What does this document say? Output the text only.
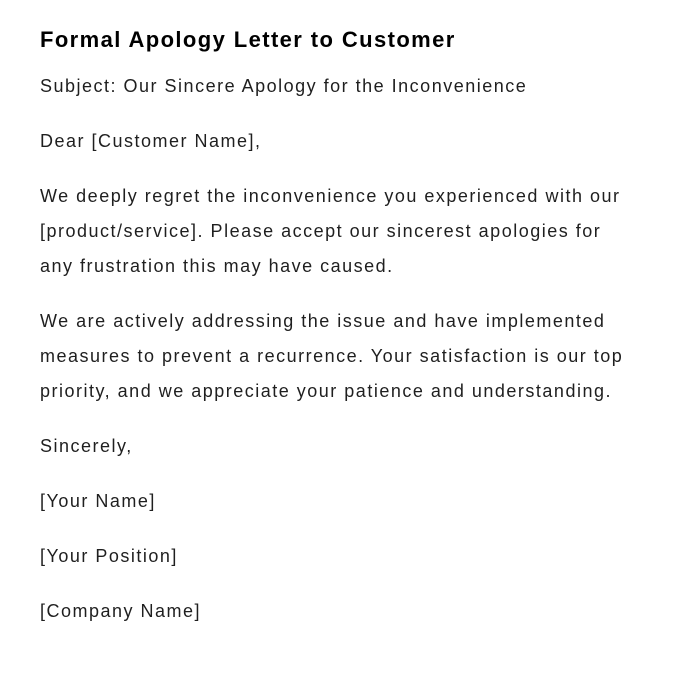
Formal Apology Letter to Customer

Subject: Our Sincere Apology for the Inconvenience

Dear [Customer Name],

We deeply regret the inconvenience you experienced with our [product/service]. Please accept our sincerest apologies for any frustration this may have caused.

We are actively addressing the issue and have implemented measures to prevent a recurrence. Your satisfaction is our top priority, and we appreciate your patience and understanding.

Sincerely,

[Your Name]

[Your Position]

[Company Name]
